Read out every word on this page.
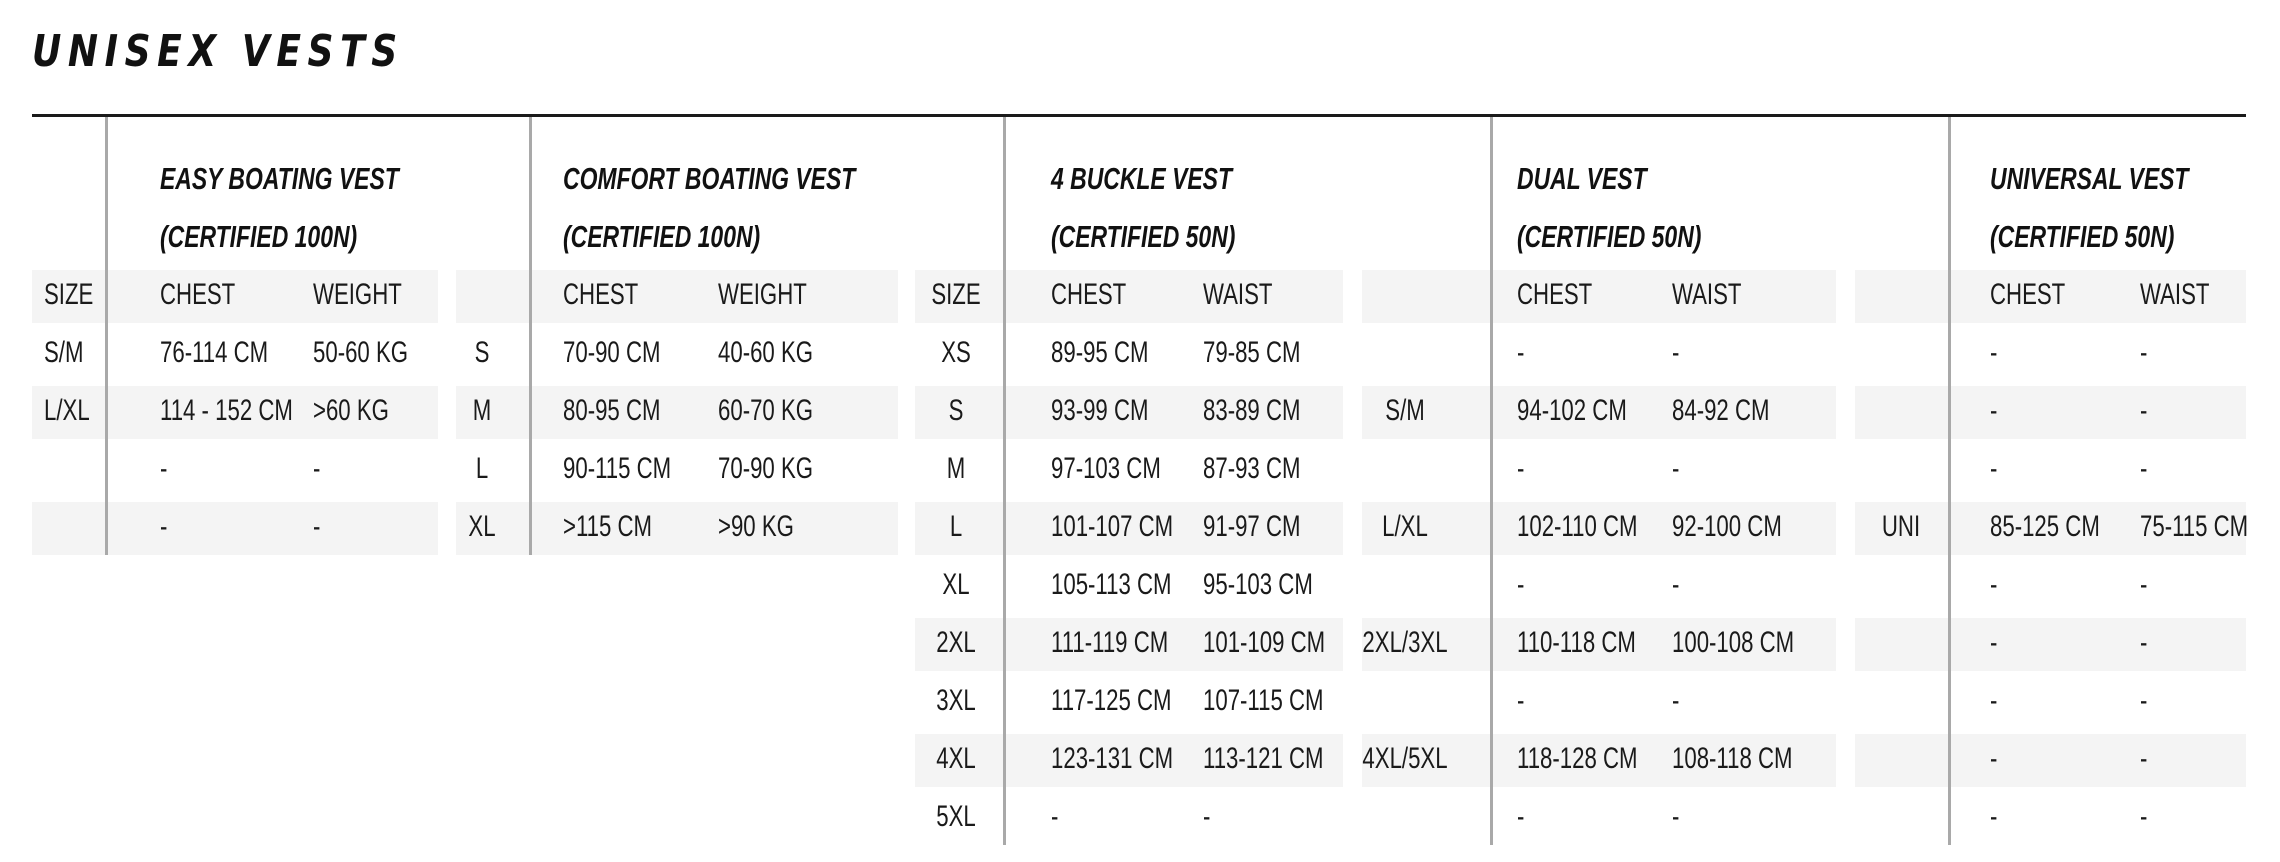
UNISEX VESTS
EASY BOATING VEST
(CERTIFIED 100N)
SIZE CHEST	WEIGHT
S/M	76-114 CM 50-60 KG
L/XL 114 - 152 CM >60 KG
-	-
-	-
COMFORT BOATING VEST
(CERTIFIED 100N)
CHEST	WEIGHT
S	70-90 CM 40-60 KG
M	80-95 CM 60-70 KG
L	90-115 CM 70-90 KG
XL	>115 CM >90 KG
4 BUCKLE VEST
(CERTIFIED 50N)
SIZE	CHEST	WAIST
XS	89-95 CM 79-85 CM
S	93-99 CM 83-89 CM
M	97-103 CM 87-93 CM
L	101-107 CM 91-97 CM
XL	105-113 CM 95-103 CM
2XL	111-119 CM 101-109 CM
3XL	117-125 CM 107-115 CM
4XL	123-131 CM 113-121 CM
5XL	-	-
DUAL VEST
(CERTIFIED 50N)
CHEST	WAIST
-	-
S/M	94-102 CM 84-92 CM
-	-
L/XL	102-110 CM 92-100 CM
-	-
2XL/3XL	110-118 CM 100-108 CM
-	-
4XL/5XL	118-128 CM 108-118 CM
-	-
UNIVERSAL VEST
(CERTIFIED 50N)
CHEST WAIST
-	-
-	-
-	-
UNI	85-125 CM 75-115 CM
-	-
-	-
-	-
-	-
-	-
